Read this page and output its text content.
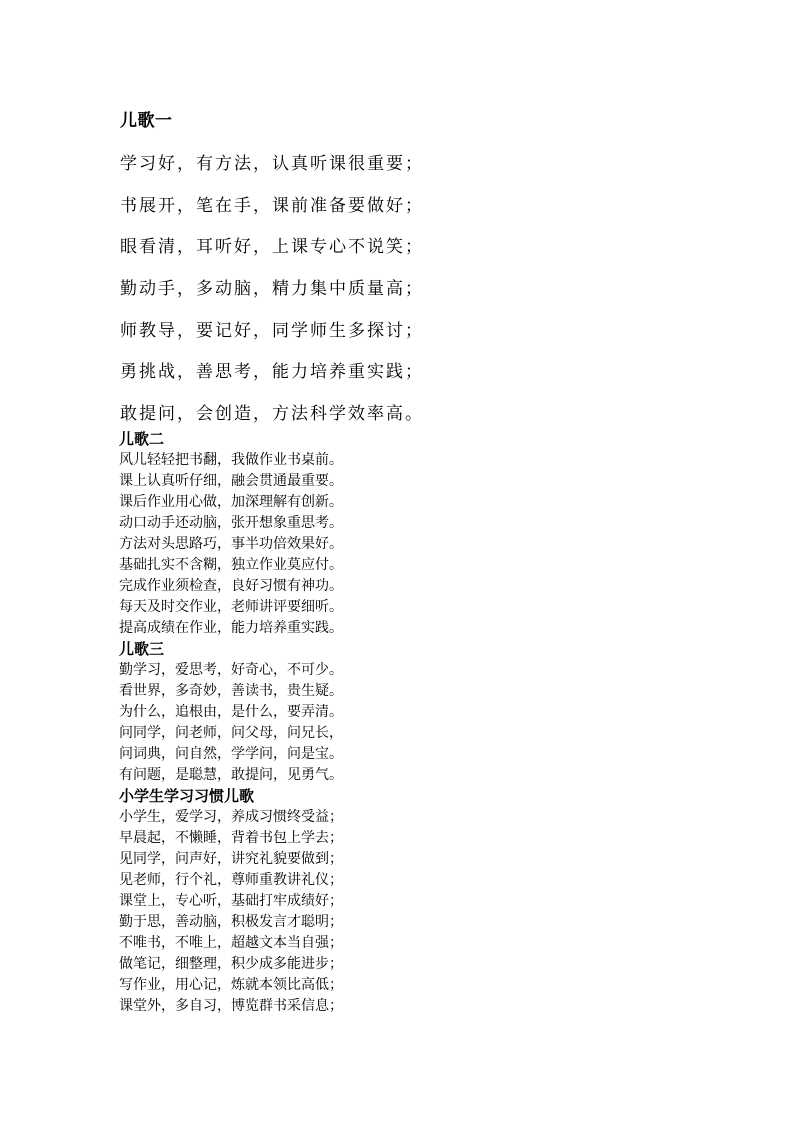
儿歌一
学习好，有方法，认真听课很重要；
书展开，笔在手，课前准备要做好；
眼看清，耳听好，上课专心不说笑；
勤动手，多动脑，精力集中质量高；
师教导，要记好，同学师生多探讨；
勇挑战，善思考，能力培养重实践；
敢提问，会创造，方法科学效率高。
儿歌二
风儿轻轻把书翻，我做作业书桌前。
课上认真听仔细，融会贯通最重要。
课后作业用心做，加深理解有创新。
动口动手还动脑，张开想象重思考。
方法对头思路巧，事半功倍效果好。
基础扎实不含糊，独立作业莫应付。
完成作业须检查，良好习惯有神功。
每天及时交作业，老师讲评要细听。
提高成绩在作业，能力培养重实践。
儿歌三
勤学习，爱思考，好奇心，不可少。
看世界，多奇妙，善读书，贵生疑。
为什么，追根由，是什么，要弄清。
问同学，问老师，问父母，问兄长，
问词典，问自然，学学问，问是宝。
有问题，是聪慧，敢提问，见勇气。
小学生学习习惯儿歌
小学生，爱学习，养成习惯终受益；
早晨起，不懒睡，背着书包上学去；
见同学，问声好，讲究礼貌要做到；
见老师，行个礼，尊师重教讲礼仪；
课堂上，专心听，基础打牢成绩好；
勤于思，善动脑，积极发言才聪明；
不唯书，不唯上，超越文本当自强；
做笔记，细整理，积少成多能进步；
写作业，用心记，炼就本领比高低；
课堂外，多自习，博览群书采信息；
